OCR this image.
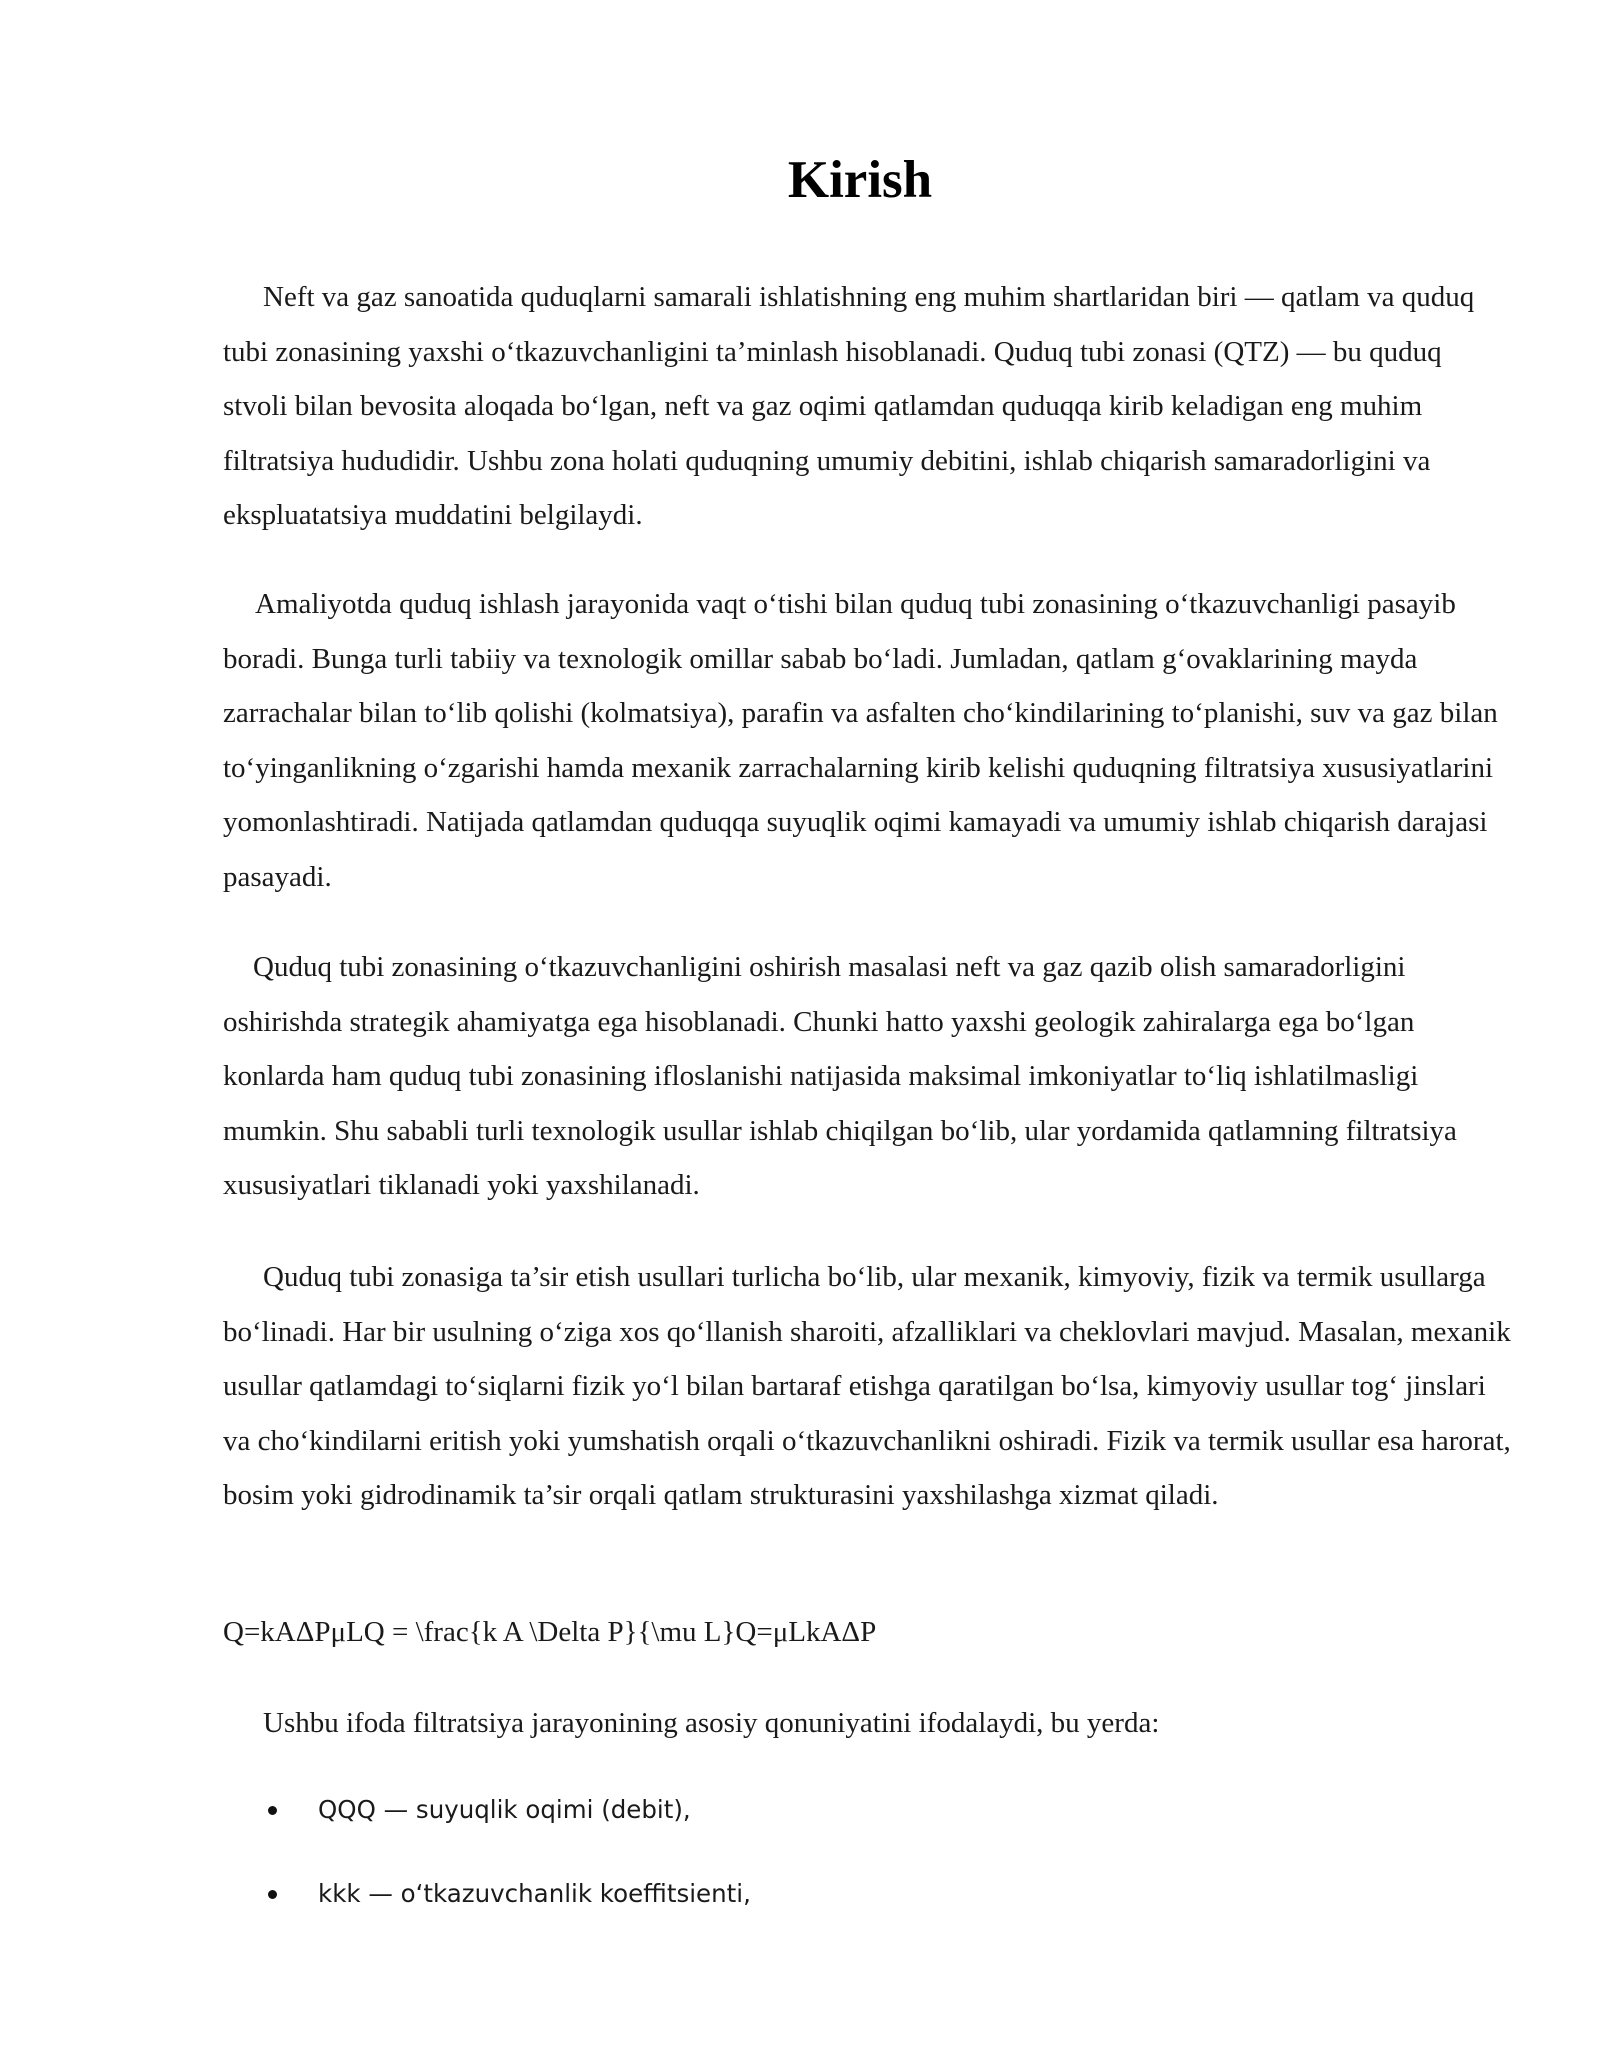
Kirish

Neft va gaz sanoatida quduqlarni samarali ishlatishning eng muhim shartlaridan biri — qatlam va quduq tubi zonasining yaxshi o‘tkazuvchanligini ta’minlash hisoblanadi. Quduq tubi zonasi (QTZ) — bu quduq stvoli bilan bevosita aloqada bo‘lgan, neft va gaz oqimi qatlamdan quduqqa kirib keladigan eng muhim filtratsiya hududidir. Ushbu zona holati quduqning umumiy debitini, ishlab chiqarish samaradorligini va ekspluatatsiya muddatini belgilaydi.

Amaliyotda quduq ishlash jarayonida vaqt o‘tishi bilan quduq tubi zonasining o‘tkazuvchanligi pasayib boradi. Bunga turli tabiiy va texnologik omillar sabab bo‘ladi. Jumladan, qatlam g‘ovaklarining mayda zarrachalar bilan to‘lib qolishi (kolmatsiya), parafin va asfalten cho‘kindilarining to‘planishi, suv va gaz bilan to‘yinganlikning o‘zgarishi hamda mexanik zarrachalarning kirib kelishi quduqning filtratsiya xususiyatlarini yomonlashtiradi. Natijada qatlamdan quduqqa suyuqlik oqimi kamayadi va umumiy ishlab chiqarish darajasi pasayadi.

Quduq tubi zonasining o‘tkazuvchanligini oshirish masalasi neft va gaz qazib olish samaradorligini oshirishda strategik ahamiyatga ega hisoblanadi. Chunki hatto yaxshi geologik zahiralarga ega bo‘lgan konlarda ham quduq tubi zonasining ifloslanishi natijasida maksimal imkoniyatlar to‘liq ishlatilmasligi mumkin. Shu sababli turli texnologik usullar ishlab chiqilgan bo‘lib, ular yordamida qatlamning filtratsiya xususiyatlari tiklanadi yoki yaxshilanadi.

Quduq tubi zonasiga ta’sir etish usullari turlicha bo‘lib, ular mexanik, kimyoviy, fizik va termik usullarga bo‘linadi. Har bir usulning o‘ziga xos qo‘llanish sharoiti, afzalliklari va cheklovlari mavjud. Masalan, mexanik usullar qatlamdagi to‘siqlarni fizik yo‘l bilan bartaraf etishga qaratilgan bo‘lsa, kimyoviy usullar tog‘ jinslari va cho‘kindilarni eritish yoki yumshatish orqali o‘tkazuvchanlikni oshiradi. Fizik va termik usullar esa harorat, bosim yoki gidrodinamik ta’sir orqali qatlam strukturasini yaxshilashga xizmat qiladi.

Q=kAΔPμLQ = \frac{k A \Delta P}{\mu L}Q=μLkAΔP

Ushbu ifoda filtratsiya jarayonining asosiy qonuniyatini ifodalaydi, bu yerda:

QQQ — suyuqlik oqimi (debit),
kkk — o‘tkazuvchanlik koeffitsienti,
